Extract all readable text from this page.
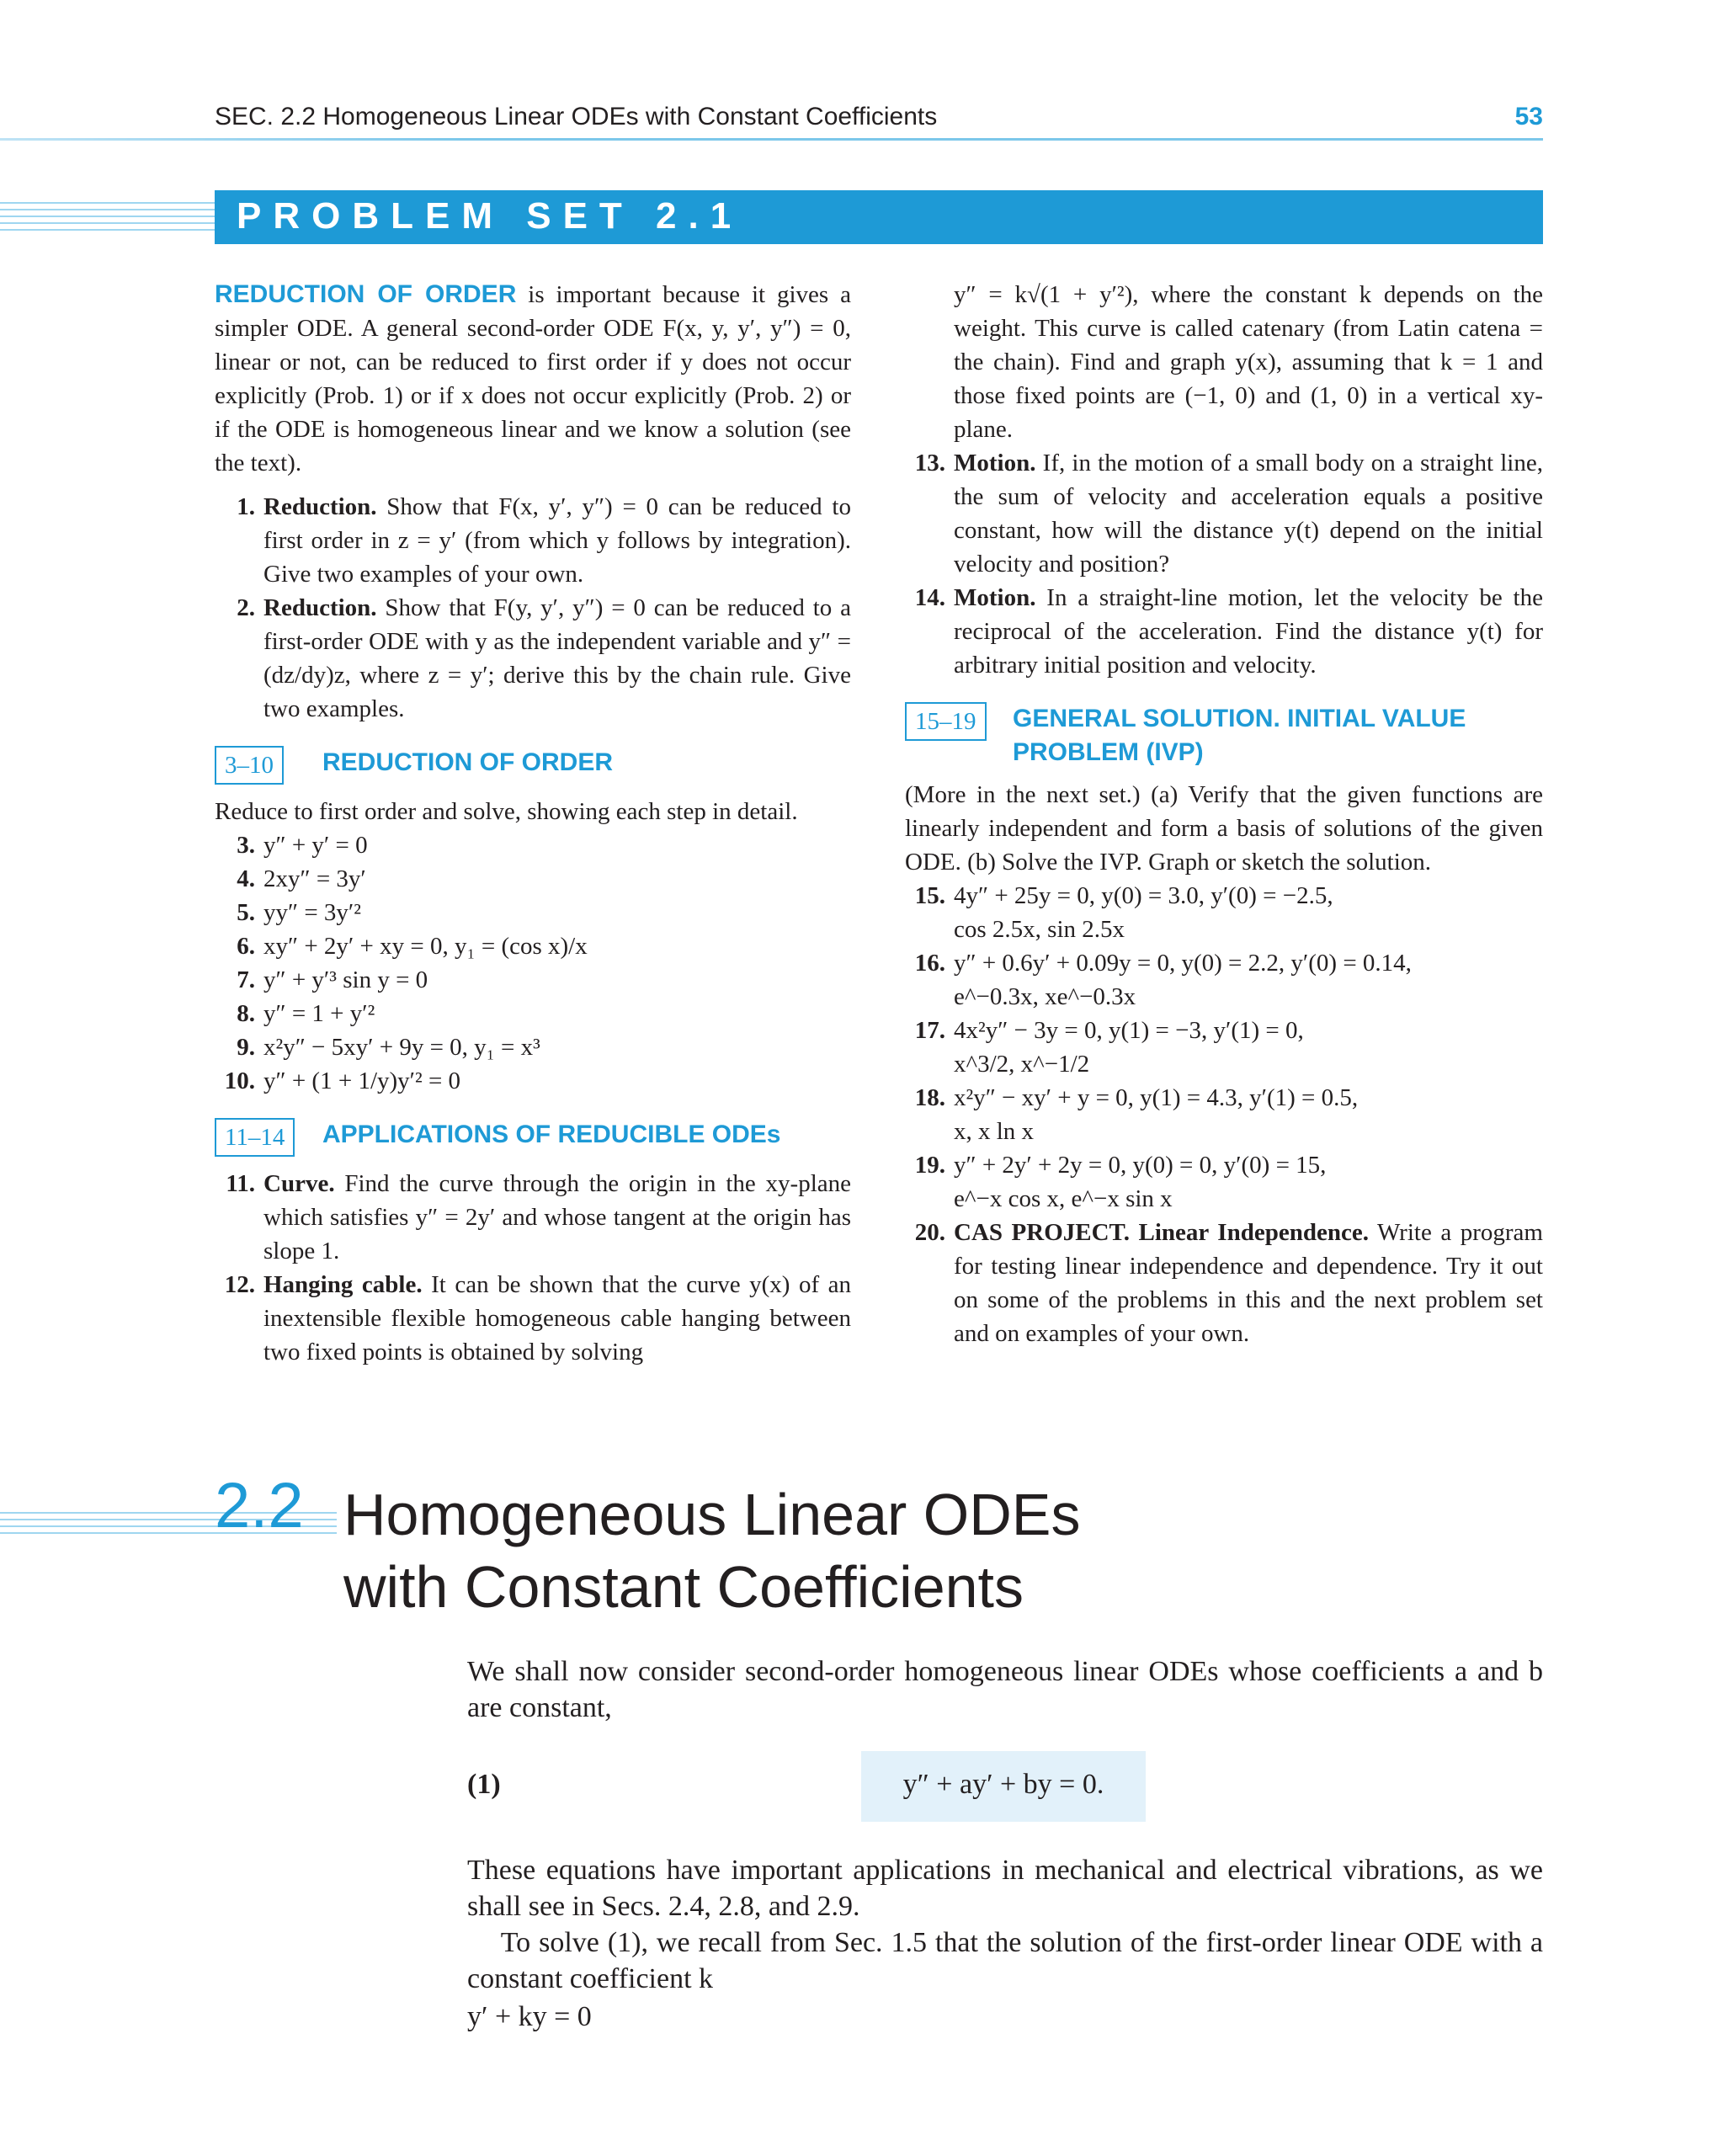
SEC. 2.2 Homogeneous Linear ODEs with Constant Coefficients	53
PROBLEM SET 2.1

REDUCTION OF ORDER is important because it gives a simpler ODE. A general second-order ODE F(x, y, y′, y″) = 0, linear or not, can be reduced to first order if y does not occur explicitly (Prob. 1) or if x does not occur explicitly (Prob. 2) or if the ODE is homogeneous linear and we know a solution (see the text).

1. Reduction. Show that F(x, y′, y″) = 0 can be reduced to first order in z = y′ (from which y follows by integration). Give two examples of your own.

2. Reduction. Show that F(y, y′, y″) = 0 can be reduced to a first-order ODE with y as the independent variable and y″ = (dz/dy)z, where z = y′; derive this by the chain rule. Give two examples.

3–10	REDUCTION OF ORDER

Reduce to first order and solve, showing each step in detail.

3. y″ + y′ = 0

4. 2xy″ = 3y′

5. yy″ = 3y′²

6. xy″ + 2y′ + xy = 0, y₁ = (cos x)/x

7. y″ + y′³ sin y = 0

8. y″ = 1 + y′²

9. x²y″ − 5xy′ + 9y = 0, y₁ = x³

10. y″ + (1 + 1/y)y′² = 0

11–14	APPLICATIONS OF REDUCIBLE ODEs

11. Curve. Find the curve through the origin in the xy-plane which satisfies y″ = 2y′ and whose tangent at the origin has slope 1.

12. Hanging cable. It can be shown that the curve y(x) of an inextensible flexible homogeneous cable hanging between two fixed points is obtained by solving

y″ = k√(1 + y′²), where the constant k depends on the weight. This curve is called catenary (from Latin catena = the chain). Find and graph y(x), assuming that k = 1 and those fixed points are (−1, 0) and (1, 0) in a vertical xy-plane.

13. Motion. If, in the motion of a small body on a straight line, the sum of velocity and acceleration equals a positive constant, how will the distance y(t) depend on the initial velocity and position?

14. Motion. In a straight-line motion, let the velocity be the reciprocal of the acceleration. Find the distance y(t) for arbitrary initial position and velocity.

15–19	GENERAL SOLUTION. INITIAL VALUE PROBLEM (IVP)

(More in the next set.) (a) Verify that the given functions are linearly independent and form a basis of solutions of the given ODE. (b) Solve the IVP. Graph or sketch the solution.

15. 4y″ + 25y = 0, y(0) = 3.0, y′(0) = −2.5,

cos 2.5x, sin 2.5x

16. y″ + 0.6y′ + 0.09y = 0, y(0) = 2.2, y′(0) = 0.14,

e^−0.3x, xe^−0.3x

17. 4x²y″ − 3y = 0, y(1) = −3, y′(1) = 0,

x^3/2, x^−1/2

18. x²y″ − xy′ + y = 0, y(1) = 4.3, y′(1) = 0.5,

x, x ln x

19. y″ + 2y′ + 2y = 0, y(0) = 0, y′(0) = 15,

e^−x cos x, e^−x sin x

20. CAS PROJECT. Linear Independence. Write a program for testing linear independence and dependence. Try it out on some of the problems in this and the next problem set and on examples of your own.

2.2 Homogeneous Linear ODEs
with Constant Coefficients

We shall now consider second-order homogeneous linear ODEs whose coefficients a and b are constant,

(1)	y″ + ay′ + by = 0.

These equations have important applications in mechanical and electrical vibrations, as we shall see in Secs. 2.4, 2.8, and 2.9.

To solve (1), we recall from Sec. 1.5 that the solution of the first-order linear ODE with a constant coefficient k

y′ + ky = 0
